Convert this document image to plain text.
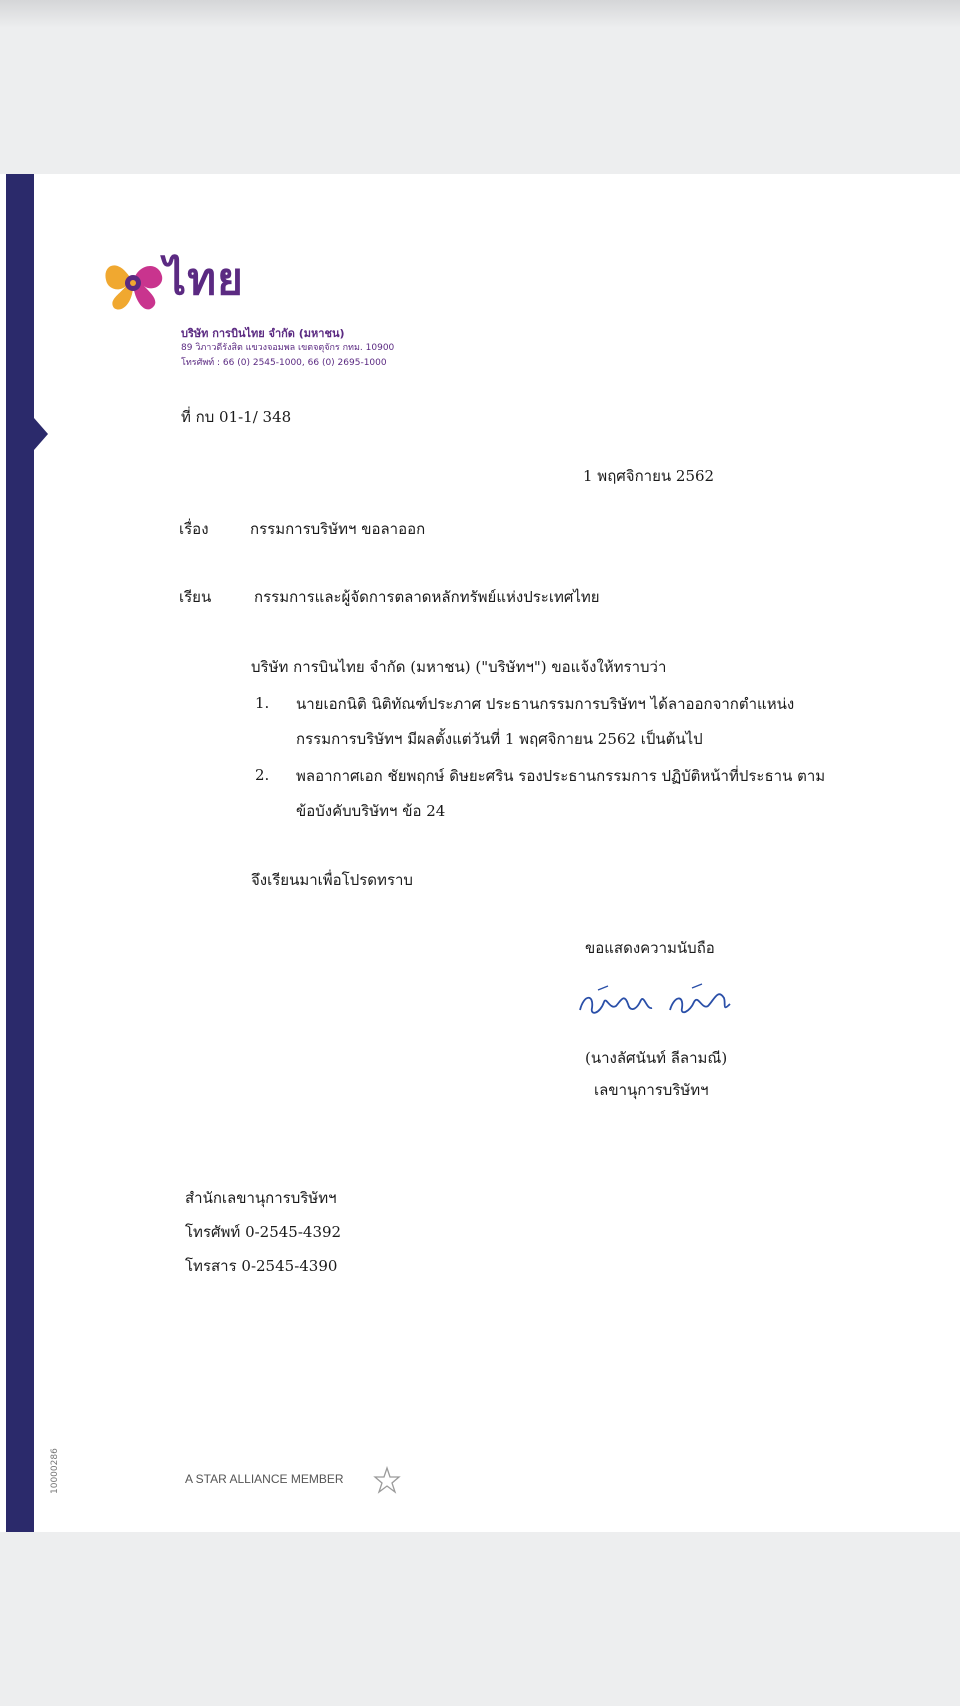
ไทย
บริษัท การบินไทย จำกัด (มหาชน)
89 วิภาวดีรังสิต แขวงจอมพล เขตจตุจักร กทม. 10900
โทรศัพท์ : 66 (0) 2545-1000, 66 (0) 2695-1000
ที่ กบ 01-1/ 348
1 พฤศจิกายน 2562
เรื่อง	กรรมการบริษัทฯ ขอลาออก
เรียน	กรรมการและผู้จัดการตลาดหลักทรัพย์แห่งประเทศไทย
บริษัท การบินไทย จำกัด (มหาชน) ("บริษัทฯ") ขอแจ้งให้ทราบว่า
1. นายเอกนิติ นิติทัณฑ์ประภาศ ประธานกรรมการบริษัทฯ ได้ลาออกจากตำแหน่ง
กรรมการบริษัทฯ มีผลตั้งแต่วันที่ 1 พฤศจิกายน 2562 เป็นต้นไป
2. พลอากาศเอก ชัยพฤกษ์ ดิษยะศริน รองประธานกรรมการ ปฏิบัติหน้าที่ประธาน ตาม
ข้อบังคับบริษัทฯ ข้อ 24
จึงเรียนมาเพื่อโปรดทราบ
ขอแสดงความนับถือ
(นางลัศนันท์ ลีลามณี)
เลขานุการบริษัทฯ
สำนักเลขานุการบริษัทฯ
โทรศัพท์ 0-2545-4392
โทรสาร 0-2545-4390
10000286	A STAR ALLIANCE MEMBER
